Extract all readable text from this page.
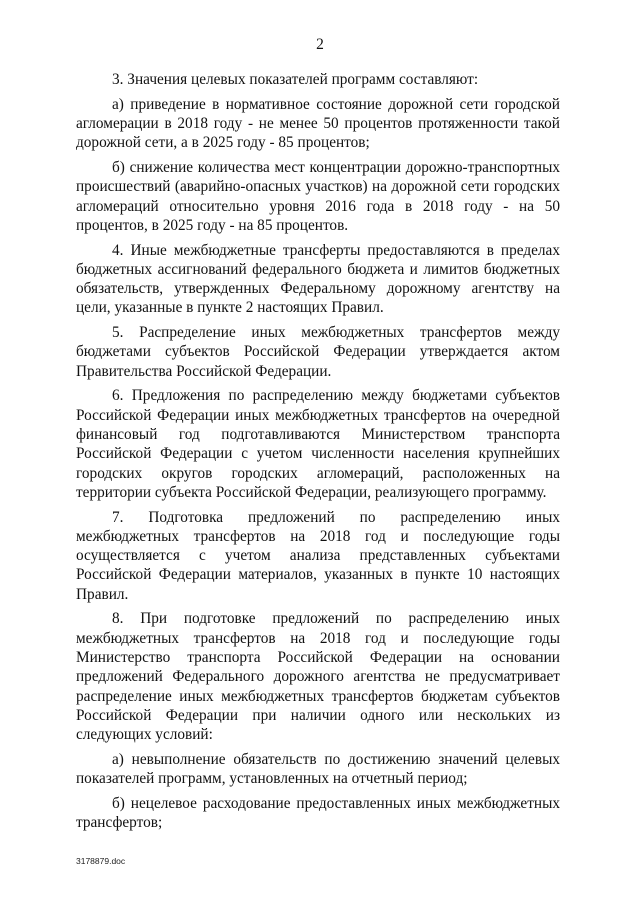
2

3. Значения целевых показателей программ составляют:

а) приведение в нормативное состояние дорожной сети городской агломерации в 2018 году - не менее 50 процентов протяженности такой дорожной сети, а в 2025 году - 85 процентов;

б) снижение количества мест концентрации дорожно-транспортных происшествий (аварийно-опасных участков) на дорожной сети городских агломераций относительно уровня 2016 года в 2018 году - на 50 процентов, в 2025 году - на 85 процентов.

4. Иные межбюджетные трансферты предоставляются в пределах бюджетных ассигнований федерального бюджета и лимитов бюджетных обязательств, утвержденных Федеральному дорожному агентству на цели, указанные в пункте 2 настоящих Правил.

5. Распределение иных межбюджетных трансфертов между бюджетами субъектов Российской Федерации утверждается актом Правительства Российской Федерации.

6. Предложения по распределению между бюджетами субъектов Российской Федерации иных межбюджетных трансфертов на очередной финансовый год подготавливаются Министерством транспорта Российской Федерации с учетом численности населения крупнейших городских округов городских агломераций, расположенных на территории субъекта Российской Федерации, реализующего программу.

7. Подготовка предложений по распределению иных межбюджетных трансфертов на 2018 год и последующие годы осуществляется с учетом анализа представленных субъектами Российской Федерации материалов, указанных в пункте 10 настоящих Правил.

8. При подготовке предложений по распределению иных межбюджетных трансфертов на 2018 год и последующие годы Министерство транспорта Российской Федерации на основании предложений Федерального дорожного агентства не предусматривает распределение иных межбюджетных трансфертов бюджетам субъектов Российской Федерации при наличии одного или нескольких из следующих условий:

а) невыполнение обязательств по достижению значений целевых показателей программ, установленных на отчетный период;

б) нецелевое расходование предоставленных иных межбюджетных трансфертов;

3178879.doc
